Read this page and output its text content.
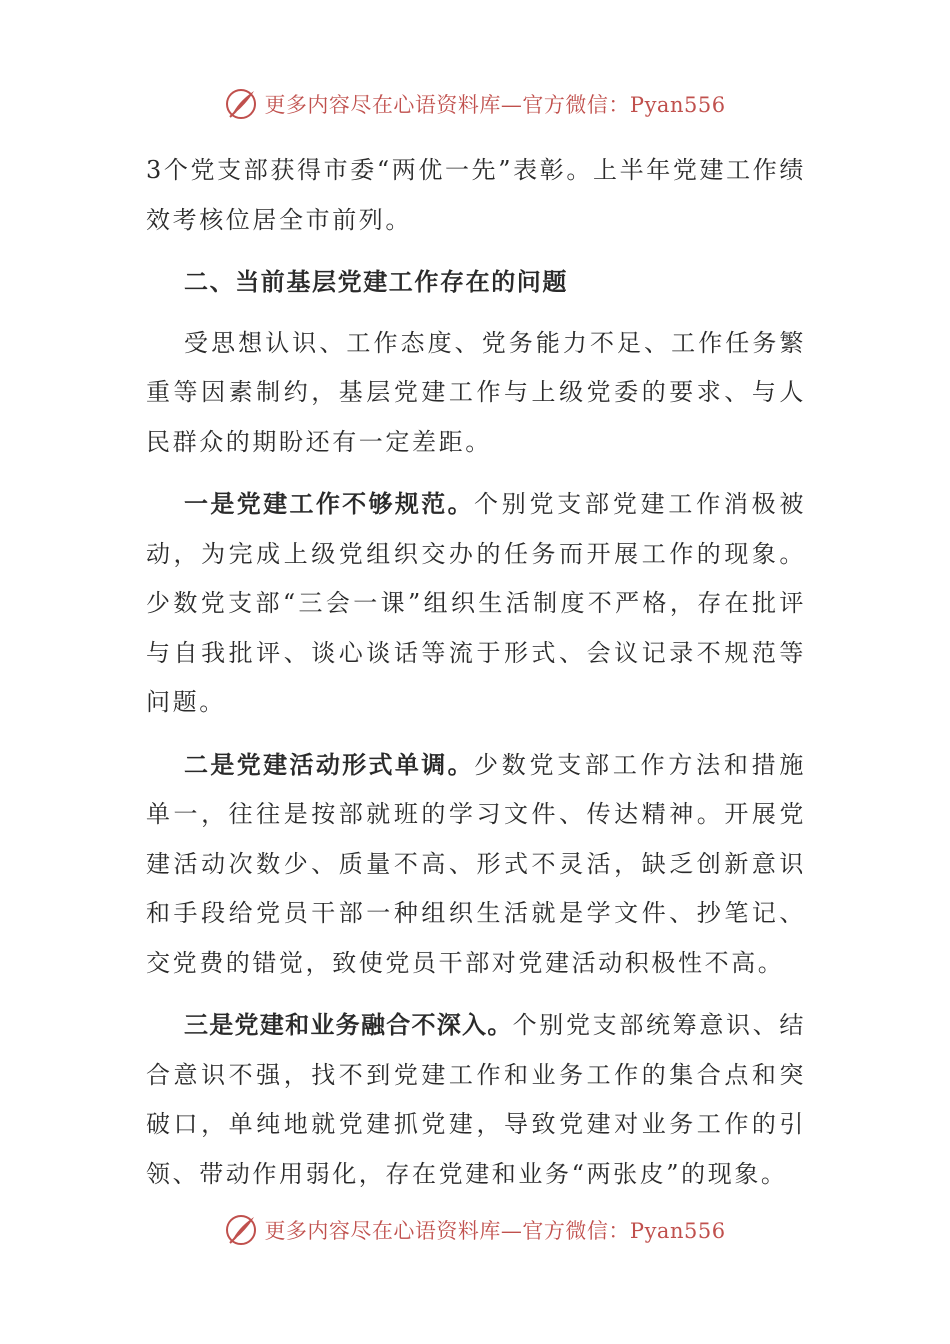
更多内容尽在心语资料库—官方微信：Pyan556

3个党支部获得市委“两优一先”表彰。上半年党建工作绩效考核位居全市前列。

二、当前基层党建工作存在的问题

受思想认识、工作态度、党务能力不足、工作任务繁重等因素制约，基层党建工作与上级党委的要求、与人民群众的期盼还有一定差距。

一是党建工作不够规范。个别党支部党建工作消极被动，为完成上级党组织交办的任务而开展工作的现象。少数党支部“三会一课”组织生活制度不严格，存在批评与自我批评、谈心谈话等流于形式、会议记录不规范等问题。

二是党建活动形式单调。少数党支部工作方法和措施单一，往往是按部就班的学习文件、传达精神。开展党建活动次数少、质量不高、形式不灵活，缺乏创新意识和手段给党员干部一种组织生活就是学文件、抄笔记、交党费的错觉，致使党员干部对党建活动积极性不高。

三是党建和业务融合不深入。个别党支部统筹意识、结合意识不强，找不到党建工作和业务工作的集合点和突破口，单纯地就党建抓党建，导致党建对业务工作的引领、带动作用弱化，存在党建和业务“两张皮”的现象。

更多内容尽在心语资料库—官方微信：Pyan556
